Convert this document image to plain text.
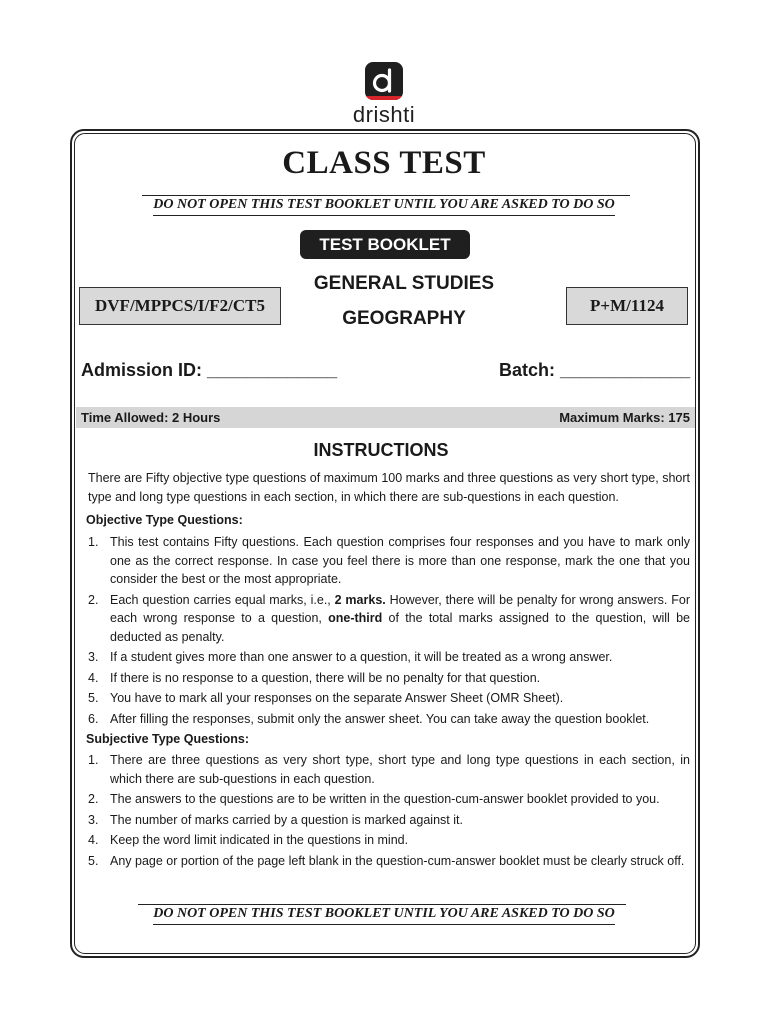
drishti
CLASS TEST
DO NOT OPEN THIS TEST BOOKLET UNTIL YOU ARE ASKED TO DO SO
TEST BOOKLET
DVF/MPPCS/I/F2/CT5
GENERAL STUDIES
GEOGRAPHY
P+M/1124
Admission ID: _____________	Batch: _____________
Time Allowed: 2 Hours	Maximum Marks: 175
INSTRUCTIONS
There are Fifty objective type questions of maximum 100 marks and three questions as very short type, short type and long type questions in each section, in which there are sub-questions in each question.
Objective Type Questions:
1. This test contains Fifty questions. Each question comprises four responses and you have to mark only one as the correct response. In case you feel there is more than one response, mark the one that you consider the best or the most appropriate.
2. Each question carries equal marks, i.e., 2 marks. However, there will be penalty for wrong answers. For each wrong response to a question, one-third of the total marks assigned to the question, will be deducted as penalty.
3. If a student gives more than one answer to a question, it will be treated as a wrong answer.
4. If there is no response to a question, there will be no penalty for that question.
5. You have to mark all your responses on the separate Answer Sheet (OMR Sheet).
6. After filling the responses, submit only the answer sheet. You can take away the question booklet.
Subjective Type Questions:
1. There are three questions as very short type, short type and long type questions in each section, in which there are sub-questions in each question.
2. The answers to the questions are to be written in the question-cum-answer booklet provided to you.
3. The number of marks carried by a question is marked against it.
4. Keep the word limit indicated in the questions in mind.
5. Any page or portion of the page left blank in the question-cum-answer booklet must be clearly struck off.
DO NOT OPEN THIS TEST BOOKLET UNTIL YOU ARE ASKED TO DO SO
